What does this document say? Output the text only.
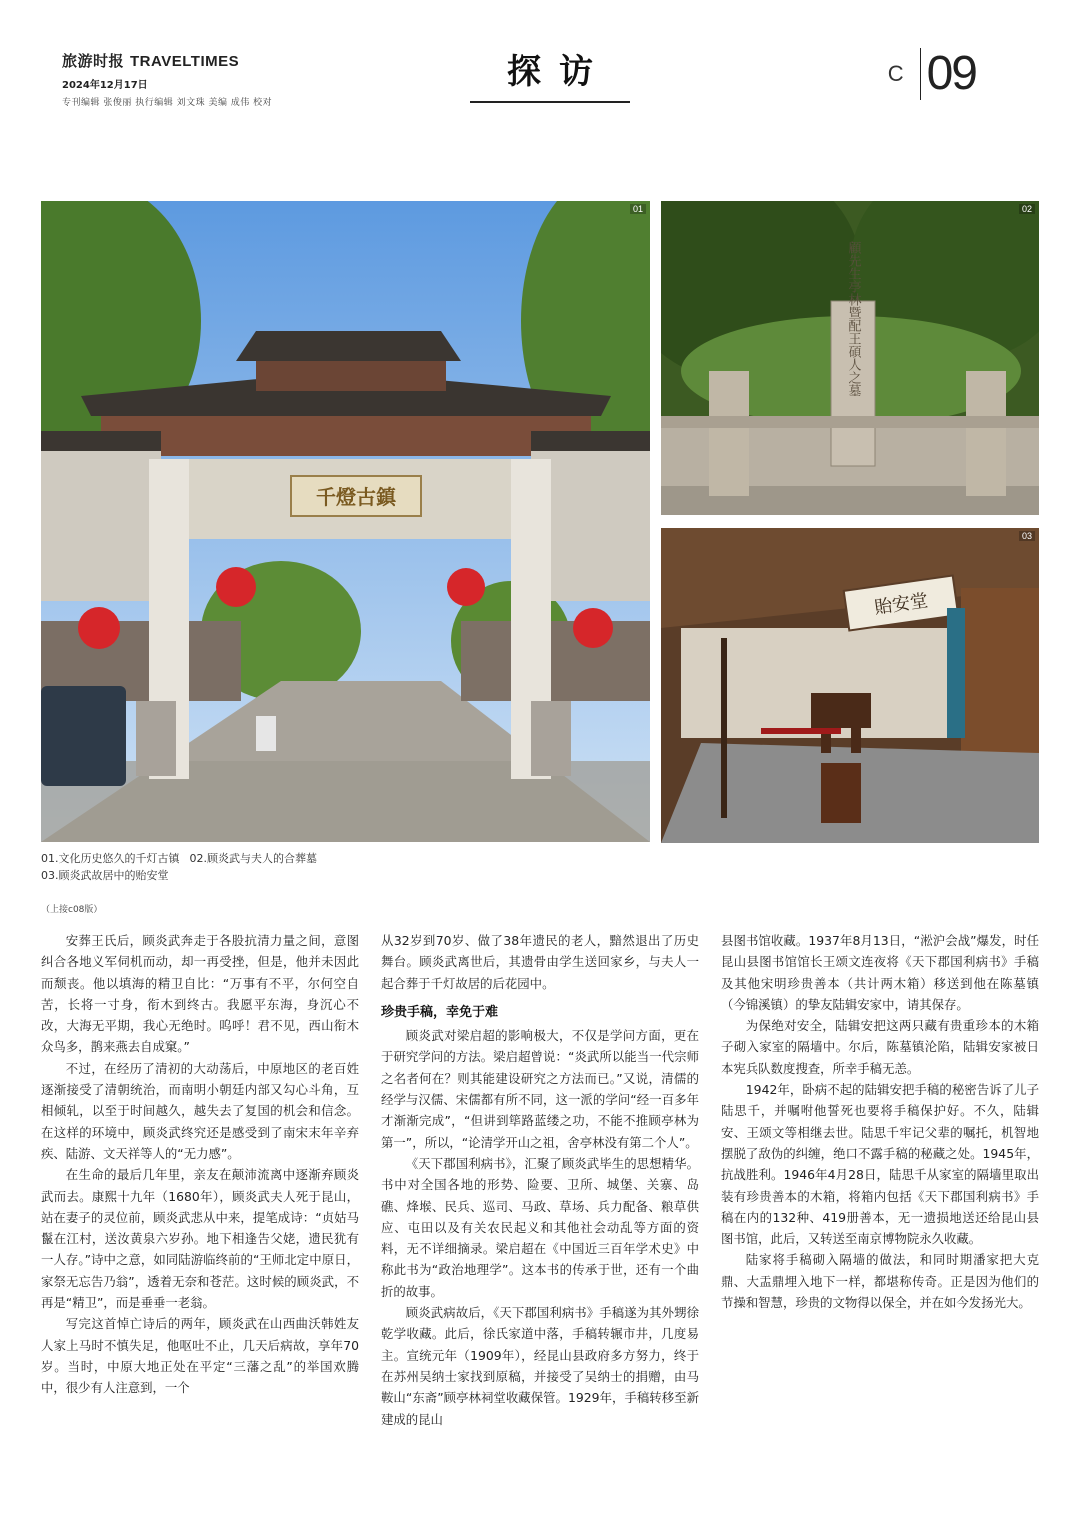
旅游时报 TRAVELTIMES
2024年12月17日
专刊编辑 张俊丽 执行编辑 刘文珠 美编 成伟 校对
探访	C 09
千燈古鎮
01
顧先生亭林暨配王碩人之墓
02
貽安堂
03
01.文化历史悠久的千灯古镇 02.顾炎武与夫人的合葬墓
03.顾炎武故居中的贻安堂
（上接c08版）

安葬王氏后，顾炎武奔走于各股抗清力量之间，意图纠合各地义军伺机而动，却一再受挫，但是，他并未因此而颓丧。他以填海的精卫自比：“万事有不平，尔何空自苦，长将一寸身，衔木到终古。我愿平东海，身沉心不改，大海无平期，我心无绝时。呜呼！君不见，西山衔木众鸟多，鹊来燕去自成窠。”

不过，在经历了清初的大动荡后，中原地区的老百姓逐渐接受了清朝统治，而南明小朝廷内部又勾心斗角，互相倾轧，以至于时间越久，越失去了复国的机会和信念。在这样的环境中，顾炎武终究还是感受到了南宋末年辛弃疾、陆游、文天祥等人的“无力感”。

在生命的最后几年里，亲友在颠沛流离中逐渐弃顾炎武而去。康熙十九年（1680年），顾炎武夫人死于昆山，站在妻子的灵位前，顾炎武悲从中来，提笔成诗：“贞姑马鬣在江村，送汝黄泉六岁孙。地下相逢告父姥，遗民犹有一人存。”诗中之意，如同陆游临终前的“王师北定中原日，家祭无忘告乃翁”，透着无奈和苍茫。这时候的顾炎武，不再是“精卫”，而是垂垂一老翁。

写完这首悼亡诗后的两年，顾炎武在山西曲沃韩姓友人家上马时不慎失足，他呕吐不止，几天后病故，享年70岁。当时，中原大地正处在平定“三藩之乱”的举国欢腾中，很少有人注意到，一个

从32岁到70岁、做了38年遗民的老人，黯然退出了历史舞台。顾炎武离世后，其遗骨由学生送回家乡，与夫人一起合葬于千灯故居的后花园中。

珍贵手稿，幸免于难

顾炎武对梁启超的影响极大，不仅是学问方面，更在于研究学问的方法。梁启超曾说：“炎武所以能当一代宗师之名者何在？则其能建设研究之方法而已。”又说，清儒的经学与汉儒、宋儒都有所不同，这一派的学问“经一百多年才渐渐完成”，“但讲到筚路蓝缕之功，不能不推顾亭林为第一”，所以，“论清学开山之祖，舍亭林没有第二个人”。

《天下郡国利病书》，汇聚了顾炎武毕生的思想精华。书中对全国各地的形势、险要、卫所、城堡、关寨、岛礁、烽堠、民兵、巡司、马政、草场、兵力配备、粮草供应、屯田以及有关农民起义和其他社会动乱等方面的资料，无不详细摘录。梁启超在《中国近三百年学术史》中称此书为“政治地理学”。这本书的传承于世，还有一个曲折的故事。

顾炎武病故后，《天下郡国利病书》手稿遂为其外甥徐乾学收藏。此后，徐氏家道中落，手稿转辗市井，几度易主。宣统元年（1909年），经昆山县政府多方努力，终于在苏州吴纳士家找到原稿，并接受了吴纳士的捐赠，由马鞍山“东斋”顾亭林祠堂收藏保管。1929年，手稿转移至新建成的昆山

县图书馆收藏。1937年8月13日，“淞沪会战”爆发，时任昆山县图书馆馆长王颂文连夜将《天下郡国利病书》手稿及其他宋明珍贵善本（共计两木箱）移送到他在陈墓镇（今锦溪镇）的挚友陆辑安家中，请其保存。

为保绝对安全，陆辑安把这两只藏有贵重珍本的木箱子砌入家室的隔墙中。尔后，陈墓镇沦陷，陆辑安家被日本宪兵队数度搜查，所幸手稿无恙。

1942年，卧病不起的陆辑安把手稿的秘密告诉了儿子陆思千，并嘱咐他誓死也要将手稿保护好。不久，陆辑安、王颂文等相继去世。陆思千牢记父辈的嘱托，机智地摆脱了敌伪的纠缠，绝口不露手稿的秘藏之处。1945年，抗战胜利。1946年4月28日，陆思千从家室的隔墙里取出装有珍贵善本的木箱，将箱内包括《天下郡国利病书》手稿在内的132种、419册善本，无一遗损地送还给昆山县图书馆，此后，又转送至南京博物院永久收藏。

陆家将手稿砌入隔墙的做法，和同时期潘家把大克鼎、大盂鼎埋入地下一样，都堪称传奇。正是因为他们的节操和智慧，珍贵的文物得以保全，并在如今发扬光大。
